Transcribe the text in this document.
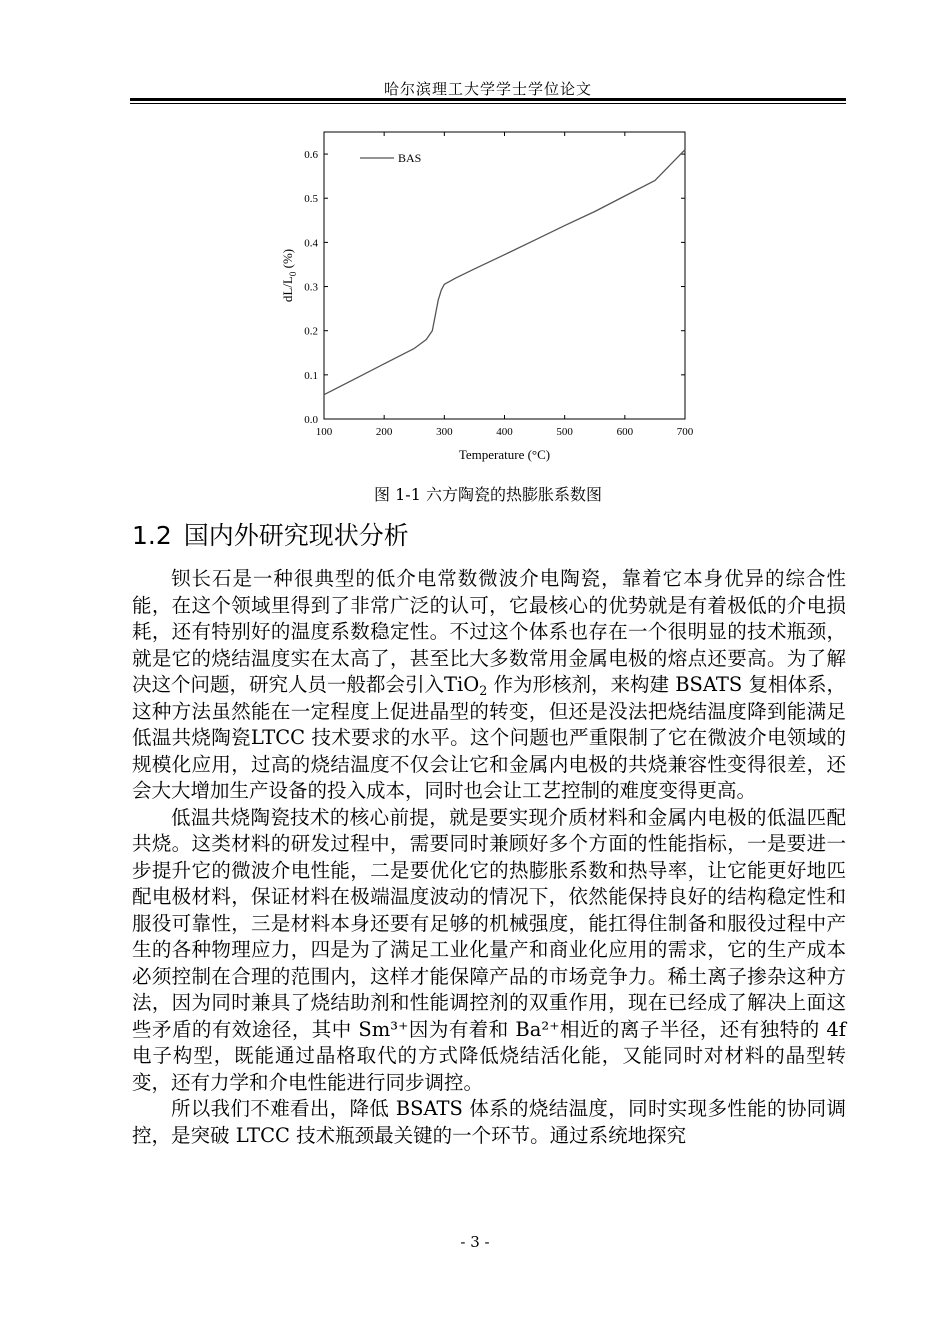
哈尔滨理工大学学士学位论文
100	200	300	400	500	600	700
0.0
0.1
0.2
0.3
0.4
0.5
0.6	BAS
Temperature (°C)
$dL/L_0$ (%)
图 1-1 六方陶瓷的热膨胀系数图
1.2 国内外研究现状分析

钡长石是一种很典型的低介电常数微波介电陶瓷，靠着它本身优异的综合性能，在这个领域里得到了非常广泛的认可，它最核心的优势就是有着极低的介电损耗，还有特别好的温度系数稳定性。不过这个体系也存在一个很明显的技术瓶颈，就是它的烧结温度实在太高了，甚至比大多数常用金属电极的熔点还要高。为了解决这个问题，研究人员一般都会引入TiO$_2$ 作为形核剂，来构建 BSATS 复相体系，这种方法虽然能在一定程度上促进晶型的转变，但还是没法把烧结温度降到能满足低温共烧陶瓷LTCC 技术要求的水平。这个问题也严重限制了它在微波介电领域的规模化应用，过高的烧结温度不仅会让它和金属内电极的共烧兼容性变得很差，还会大大增加生产设备的投入成本，同时也会让工艺控制的难度变得更高。

低温共烧陶瓷技术的核心前提，就是要实现介质材料和金属内电极的低温匹配共烧。这类材料的研发过程中，需要同时兼顾好多个方面的性能指标，一是要进一步提升它的微波介电性能，二是要优化它的热膨胀系数和热导率，让它能更好地匹配电极材料，保证材料在极端温度波动的情况下，依然能保持良好的结构稳定性和服役可靠性，三是材料本身还要有足够的机械强度，能扛得住制备和服役过程中产生的各种物理应力，四是为了满足工业化量产和商业化应用的需求，它的生产成本必须控制在合理的范围内，这样才能保障产品的市场竞争力。稀土离子掺杂这种方法，因为同时兼具了烧结助剂和性能调控剂的双重作用，现在已经成了解决上面这些矛盾的有效途径，其中 Sm³⁺因为有着和 Ba²⁺相近的离子半径，还有独特的 4f 电子构型，既能通过晶格取代的方式降低烧结活化能，又能同时对材料的晶型转变，还有力学和介电性能进行同步调控。

所以我们不难看出，降低 BSATS 体系的烧结温度，同时实现多性能的协同调控，是突破 LTCC 技术瓶颈最关键的一个环节。通过系统地探究

- 3 -
